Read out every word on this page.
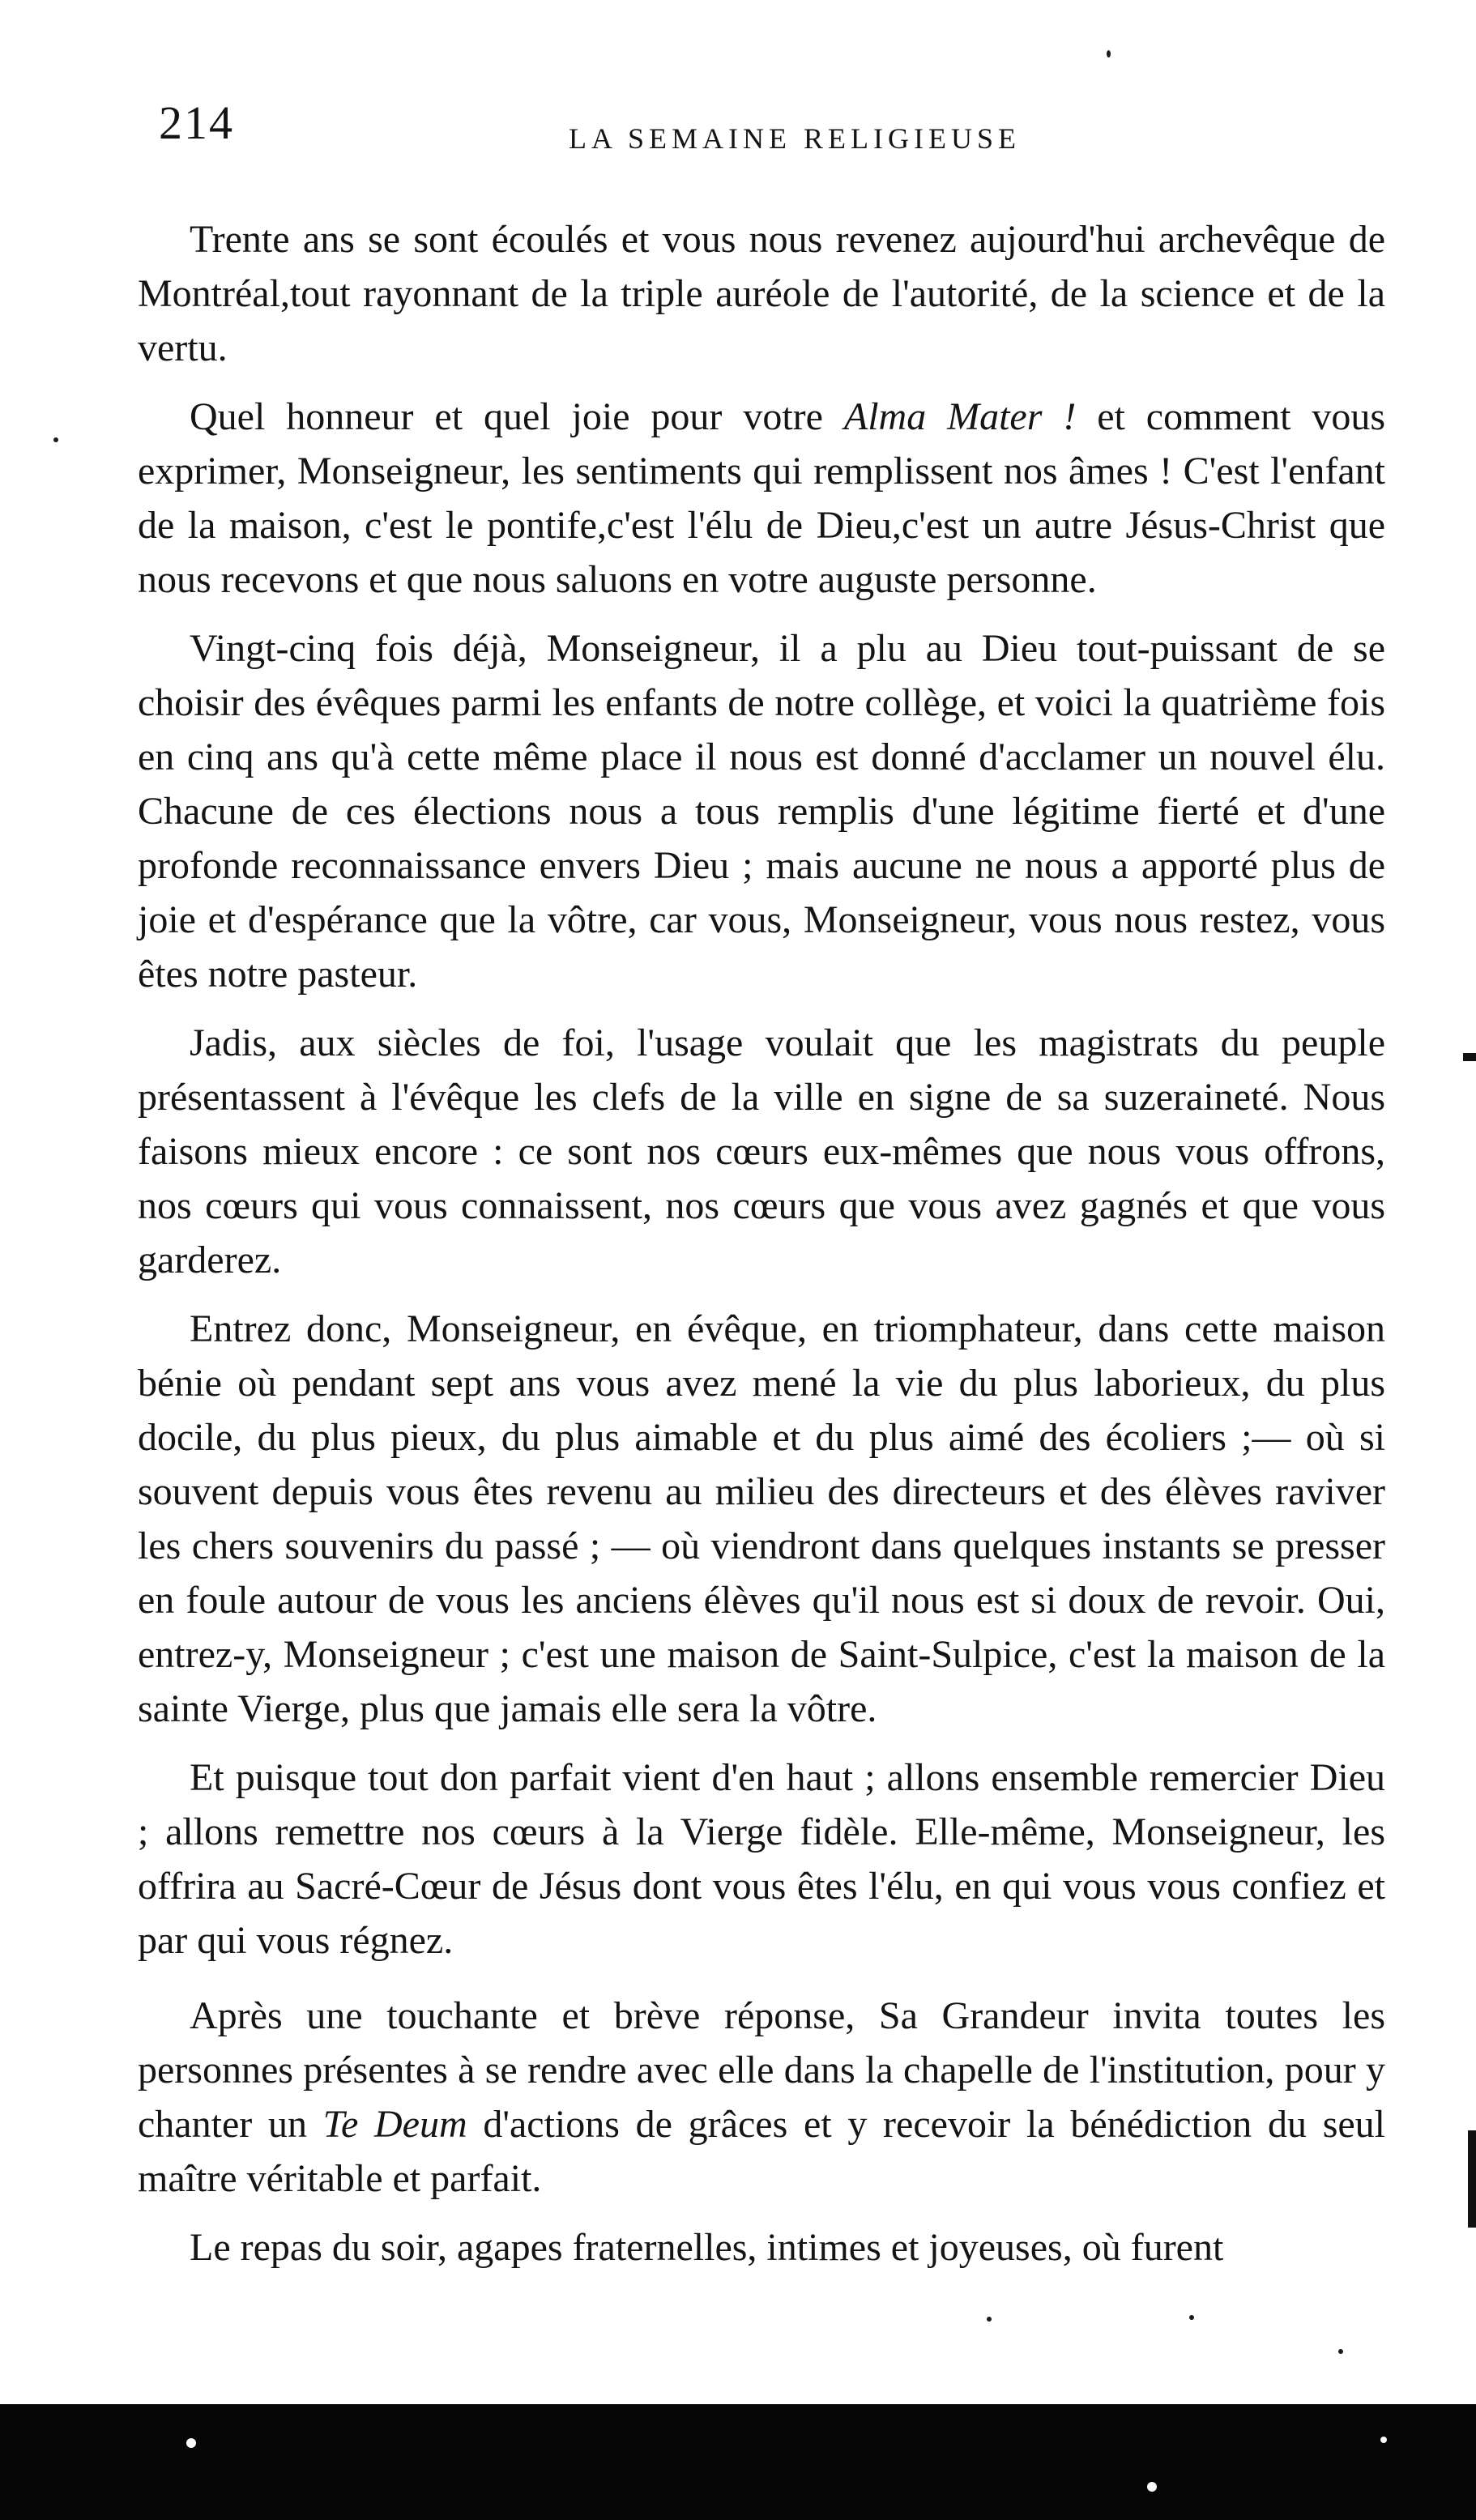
214	LA SEMAINE RELIGIEUSE

Trente ans se sont écoulés et vous nous revenez aujourd'hui archevêque de Montréal,tout rayonnant de la triple auréole de l'autorité, de la science et de la vertu.

Quel honneur et quel joie pour votre Alma Mater ! et comment vous exprimer, Monseigneur, les sentiments qui remplissent nos âmes ! C'est l'enfant de la maison, c'est le pontife,c'est l'élu de Dieu,c'est un autre Jésus-Christ que nous recevons et que nous saluons en votre auguste personne.

Vingt-cinq fois déjà, Monseigneur, il a plu au Dieu tout-puissant de se choisir des évêques parmi les enfants de notre collège, et voici la quatrième fois en cinq ans qu'à cette même place il nous est donné d'acclamer un nouvel élu. Chacune de ces élections nous a tous remplis d'une légitime fierté et d'une profonde reconnaissance envers Dieu ; mais aucune ne nous a apporté plus de joie et d'espérance que la vôtre, car vous, Monseigneur, vous nous restez, vous êtes notre pasteur.

Jadis, aux siècles de foi, l'usage voulait que les magistrats du peuple présentassent à l'évêque les clefs de la ville en signe de sa suzeraineté. Nous faisons mieux encore : ce sont nos cœurs eux-mêmes que nous vous offrons, nos cœurs qui vous connaissent, nos cœurs que vous avez gagnés et que vous garderez.

Entrez donc, Monseigneur, en évêque, en triomphateur, dans cette maison bénie où pendant sept ans vous avez mené la vie du plus laborieux, du plus docile, du plus pieux, du plus aimable et du plus aimé des écoliers ;— où si souvent depuis vous êtes revenu au milieu des directeurs et des élèves raviver les chers souvenirs du passé ; — où viendront dans quelques instants se presser en foule autour de vous les anciens élèves qu'il nous est si doux de revoir. Oui, entrez-y, Monseigneur ; c'est une maison de Saint-Sulpice, c'est la maison de la sainte Vierge, plus que jamais elle sera la vôtre.

Et puisque tout don parfait vient d'en haut ; allons ensemble remercier Dieu ; allons remettre nos cœurs à la Vierge fidèle. Elle-même, Monseigneur, les offrira au Sacré-Cœur de Jésus dont vous êtes l'élu, en qui vous vous confiez et par qui vous régnez.

Après une touchante et brève réponse, Sa Grandeur invita toutes les personnes présentes à se rendre avec elle dans la chapelle de l'institution, pour y chanter un Te Deum d'actions de grâces et y recevoir la bénédiction du seul maître véritable et parfait.

Le repas du soir, agapes fraternelles, intimes et joyeuses, où furent
